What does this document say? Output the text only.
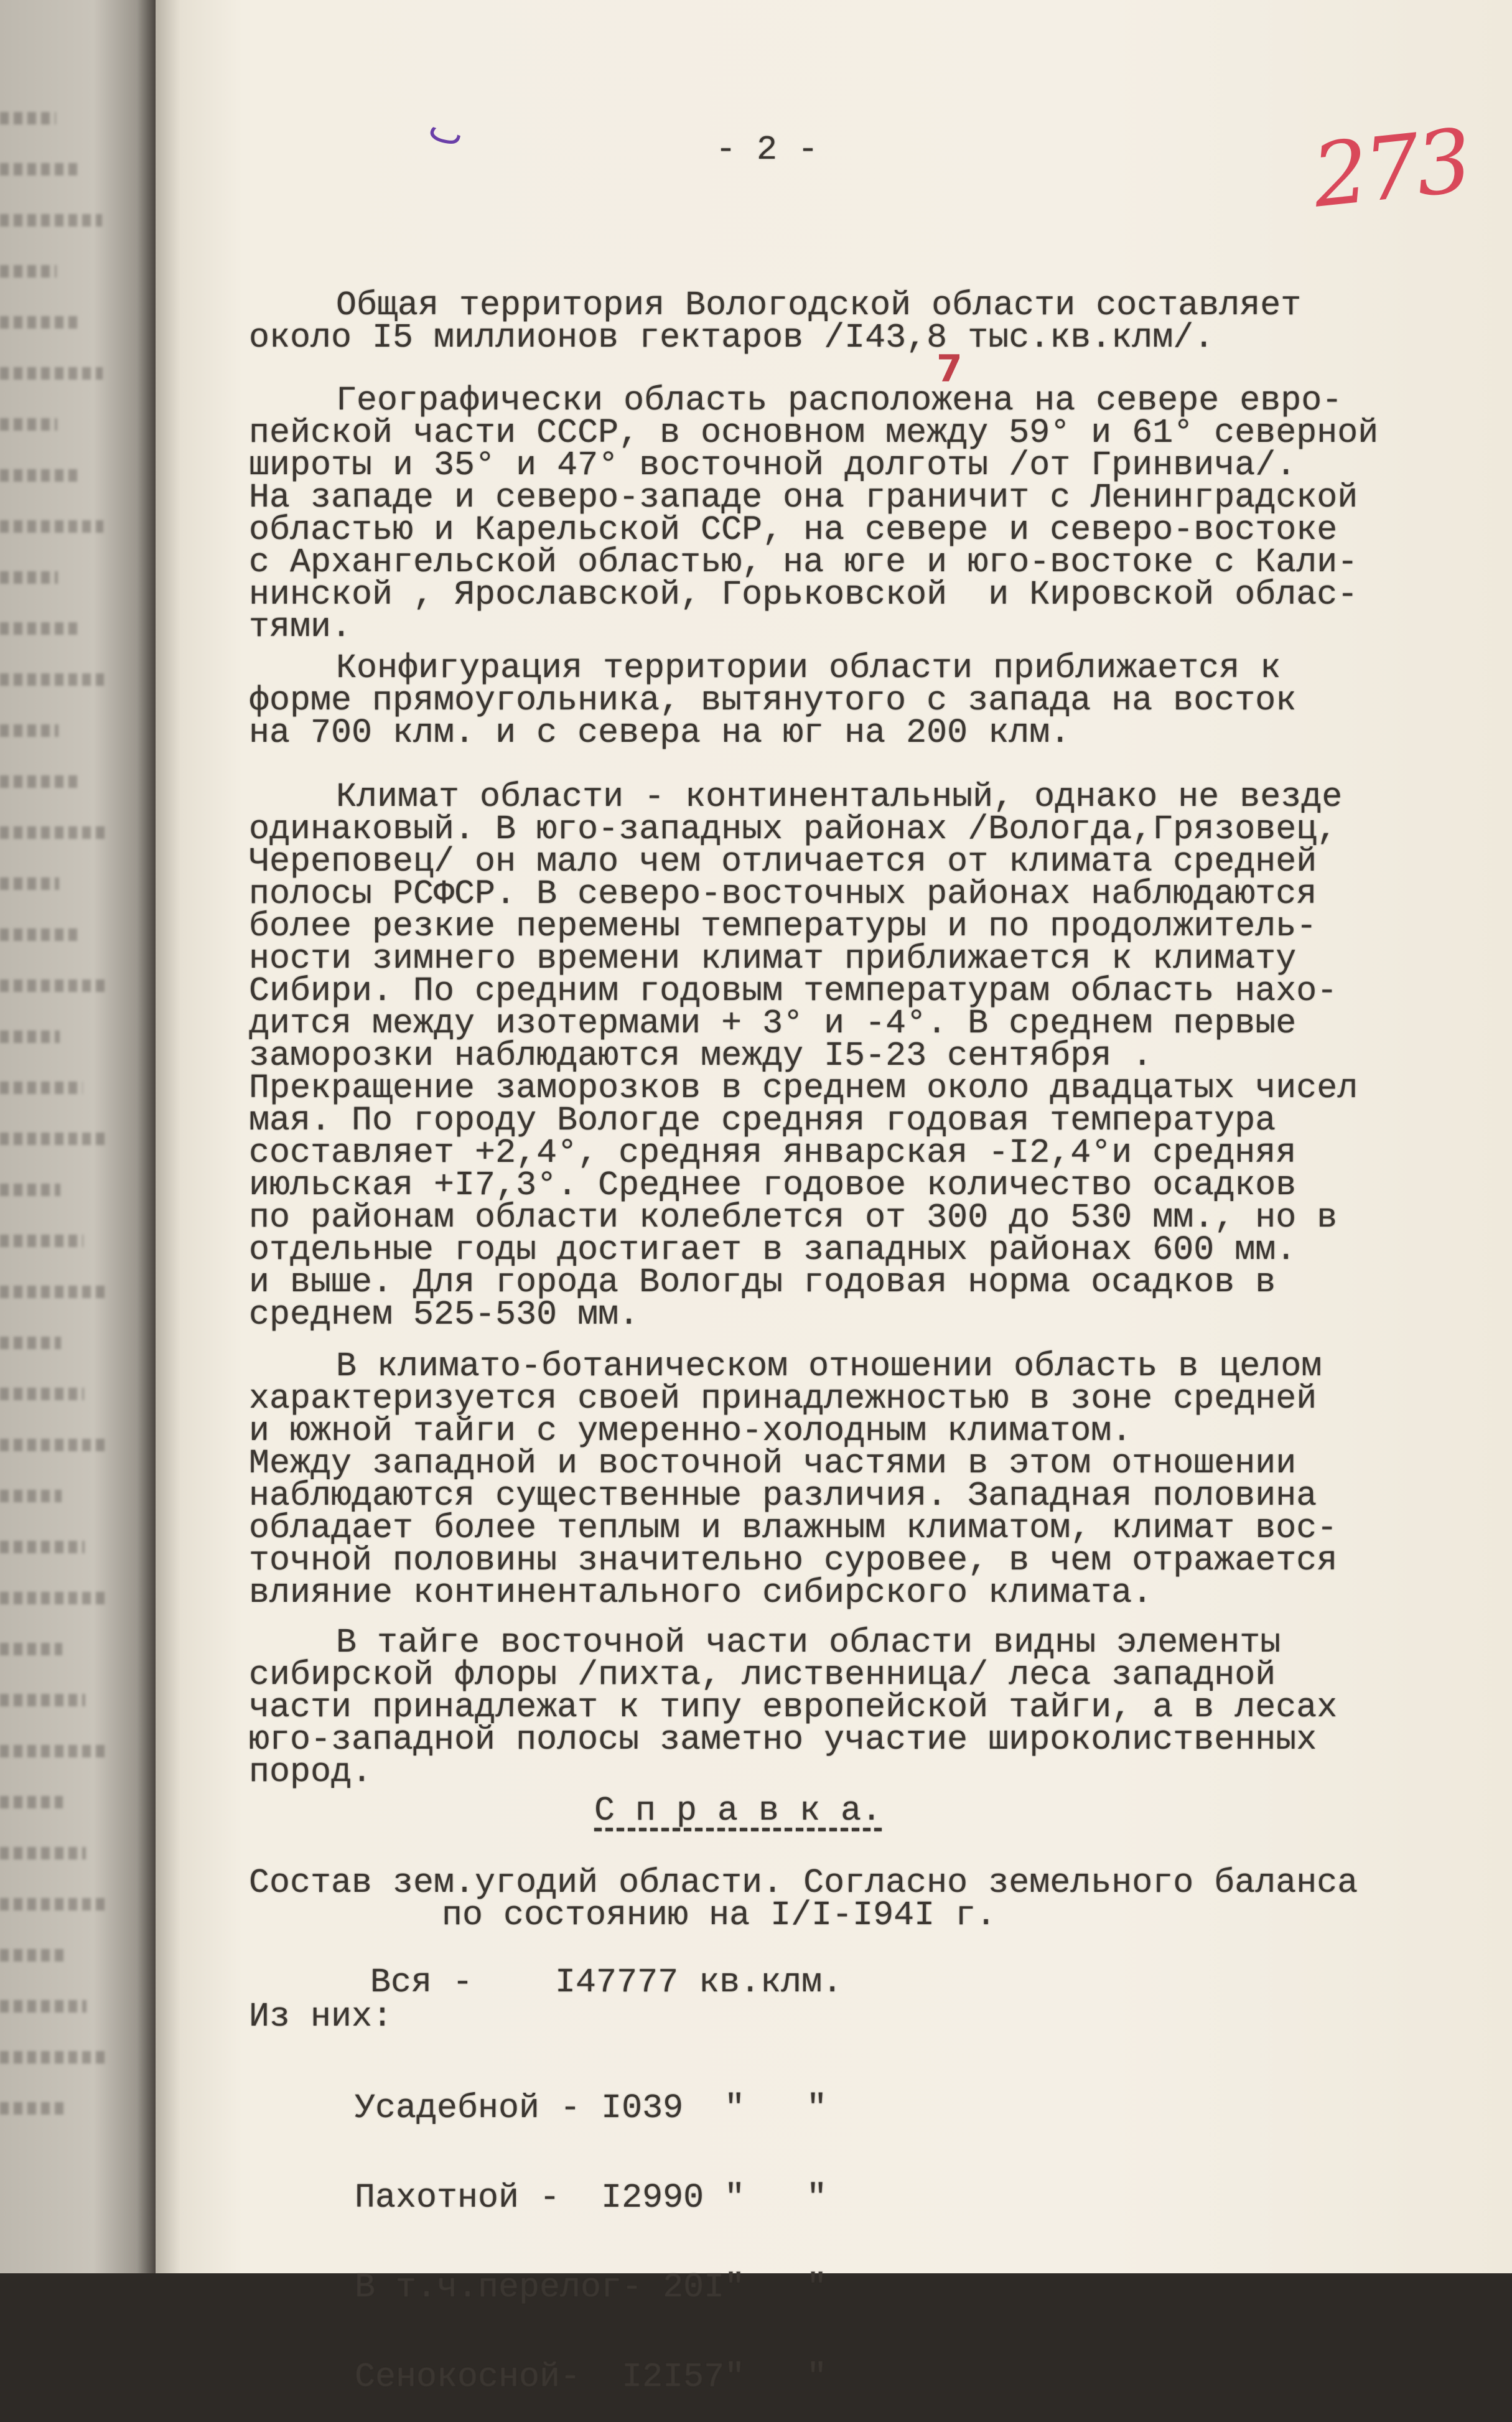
ٮ	- 2 -	273
Общая территория Вологодской области составляет
около I5 миллионов гектаров /I43,8 тыс.кв.клм/.
7
Географически область расположена на севере евро-
пейской части СССР, в основном между 59° и 61° северной
широты и 35° и 47° восточной долготы /от Гринвича/.
На западе и северо-западе она граничит с Ленинградской
областью и Карельской ССР, на севере и северо-востоке
с Архангельской областью, на юге и юго-востоке с Кали-
нинской , Ярославской, Горьковской  и Кировской облас-
тями.
Конфигурация территории области приближается к
форме прямоугольника, вытянутого с запада на восток
на 700 клм. и с севера на юг на 200 клм.
Климат области - континентальный, однако не везде
одинаковый. В юго-западных районах /Вологда,Грязовец,
Череповец/ он мало чем отличается от климата средней
полосы РСФСР. В северо-восточных районах наблюдаются
более резкие перемены температуры и по продолжитель-
ности зимнего времени климат приближается к климату
Сибири. По средним годовым температурам область нахо-
дится между изотермами + 3° и -4°. В среднем первые
заморозки наблюдаются между I5-23 сентября .
Прекращение заморозков в среднем около двадцатых чисел
мая. По городу Вологде средняя годовая температура
составляет +2,4°, средняя январская -I2,4°и средняя
июльская +I7,3°. Среднее годовое количество осадков
по районам области колеблется от 300 до 530 мм., но в
отдельные годы достигает в западных районах 600 мм.
и выше. Для города Вологды годовая норма осадков в
среднем 525-530 мм.
В климато-ботаническом отношении область в целом
характеризуется своей принадлежностью в зоне средней
и южной тайги с умеренно-холодным климатом.
Между западной и восточной частями в этом отношении
наблюдаются существенные различия. Западная половина
обладает более теплым и влажным климатом, климат вос-
точной половины значительно суровее, в чем отражается
влияние континентального сибирского климата.
В тайге восточной части области видны элементы
сибирской флоры /пихта, лиственница/ леса западной
части принадлежат к типу европейской тайги, а в лесах
юго-западной полосы заметно участие широколиственных
пород.
С п р а в к а.
Состав зем.угодий области. Согласно земельного баланса
по состоянию на I/I-I94I г.
Вся -    I47777 кв.клм.
Из них:

Усадебной - I039  "   "

Пахотной -  I2990 "   "

В т.ч.перелог- 20I"   "

Сенокосной-  I2I57"   "
